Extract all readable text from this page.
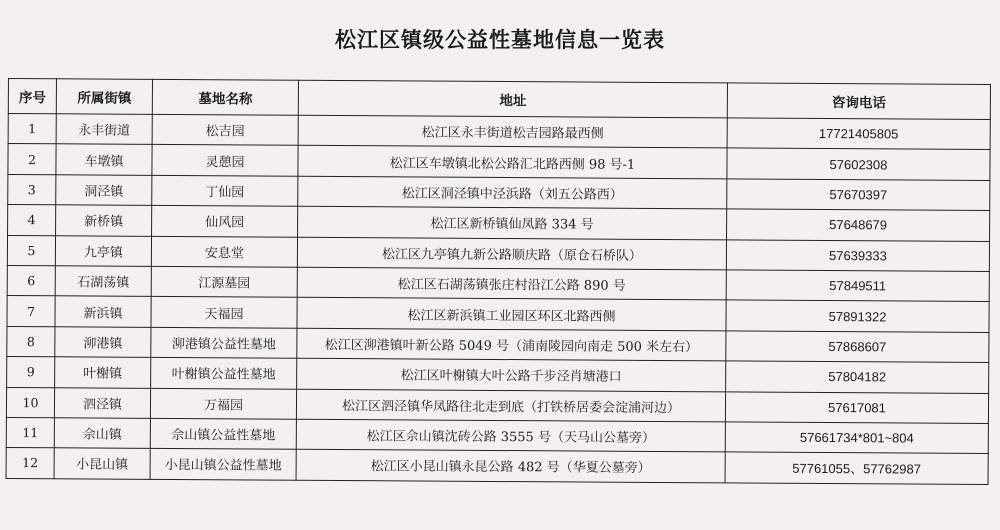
松江区镇级公益性墓地信息一览表
序号	所属街镇	墓地名称	地址	咨询电话
1	永丰街道	松吉园	松江区永丰街道松吉园路最西侧	17721405805
2	车墩镇	灵憩园	松江区车墩镇北松公路汇北路西侧 98 号-1	57602308
3	洞泾镇	丁仙园	松江区洞泾镇中泾浜路（刘五公路西）	57670397
4	新桥镇	仙风园	松江区新桥镇仙凤路 334 号	57648679
5	九亭镇	安息堂	松江区九亭镇九新公路顺庆路（原仓石桥队）	57639333
6	石湖荡镇	江源墓园	松江区石湖荡镇张庄村沿江公路 890 号	57849511
7	新浜镇	天福园	松江区新浜镇工业园区环区北路西侧	57891322
8	泖港镇	泖港镇公益性墓地	松江区泖港镇叶新公路 5049 号（浦南陵园向南走 500 米左右）	57868607
9	叶榭镇	叶榭镇公益性墓地	松江区叶榭镇大叶公路千步泾肖塘港口	57804182
10	泗泾镇	万福园	松江区泗泾镇华凤路往北走到底（打铁桥居委会淀浦河边）	57617081
11	佘山镇	佘山镇公益性墓地	松江区佘山镇沈砖公路 3555 号（天马山公墓旁）	57661734*801~804
12	小昆山镇	小昆山镇公益性墓地	松江区小昆山镇永昆公路 482 号（华夏公墓旁）	57761055、57762987
